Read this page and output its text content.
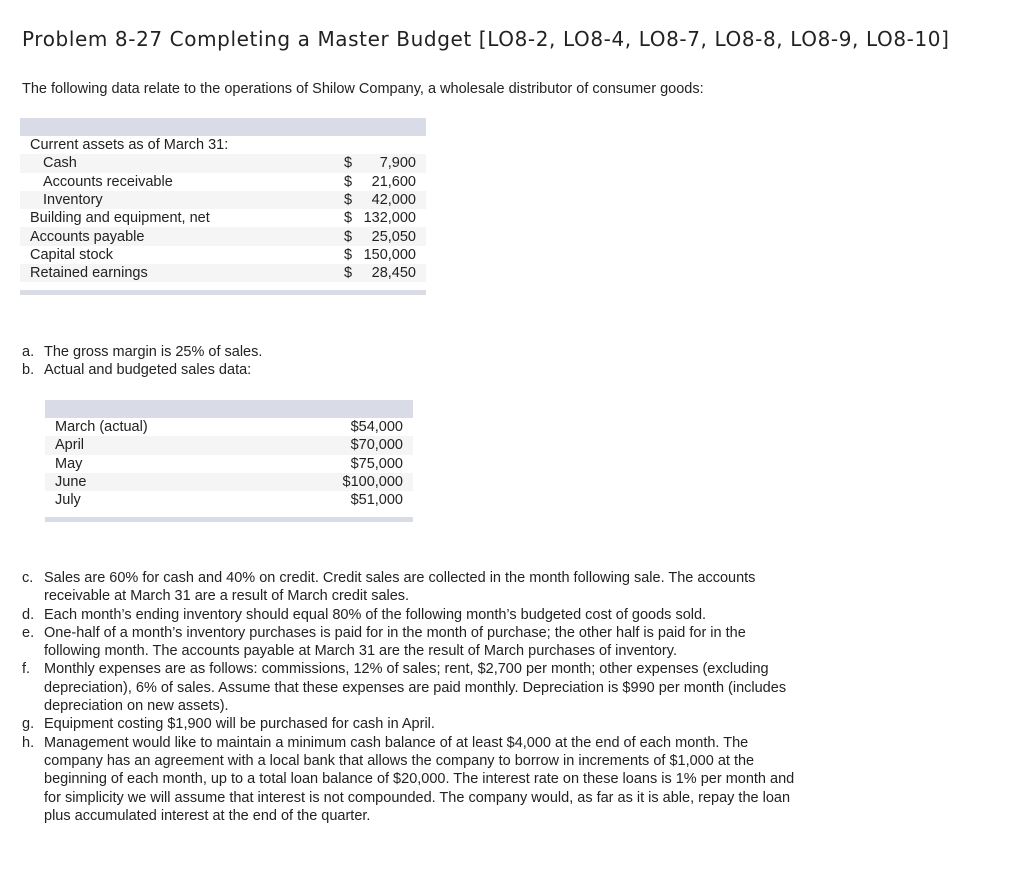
Problem 8-27 Completing a Master Budget [LO8-2, LO8-4, LO8-7, LO8-8, LO8-9, LO8-10]
The following data relate to the operations of Shilow Company, a wholesale distributor of consumer goods:

Current assets as of March 31:	
Cash	$ 7,900

Accounts receivable	$ 21,600

Inventory	$ 42,000

Building and equipment, net	$ 132,000

Accounts payable	$ 25,050

Capital stock	$ 150,000

Retained earnings	$ 28,450

a. The gross margin is 25% of sales.
b. Actual and budgeted sales data:

March (actual)	$54,000
April	$70,000
May	$75,000
June	$100,000
July	$51,000

c. Sales are 60% for cash and 40% on credit. Credit sales are collected in the month following sale. The accounts receivable at March 31 are a result of March credit sales.
d. Each month’s ending inventory should equal 80% of the following month’s budgeted cost of goods sold.
e. One-half of a month’s inventory purchases is paid for in the month of purchase; the other half is paid for in the following month. The accounts payable at March 31 are the result of March purchases of inventory.
f. Monthly expenses are as follows: commissions, 12% of sales; rent, $2,700 per month; other expenses (excluding depreciation), 6% of sales. Assume that these expenses are paid monthly. Depreciation is $990 per month (includes depreciation on new assets).
g. Equipment costing $1,900 will be purchased for cash in April.
h. Management would like to maintain a minimum cash balance of at least $4,000 at the end of each month. The company has an agreement with a local bank that allows the company to borrow in increments of $1,000 at the beginning of each month, up to a total loan balance of $20,000. The interest rate on these loans is 1% per month and for simplicity we will assume that interest is not compounded. The company would, as far as it is able, repay the loan plus accumulated interest at the end of the quarter.
